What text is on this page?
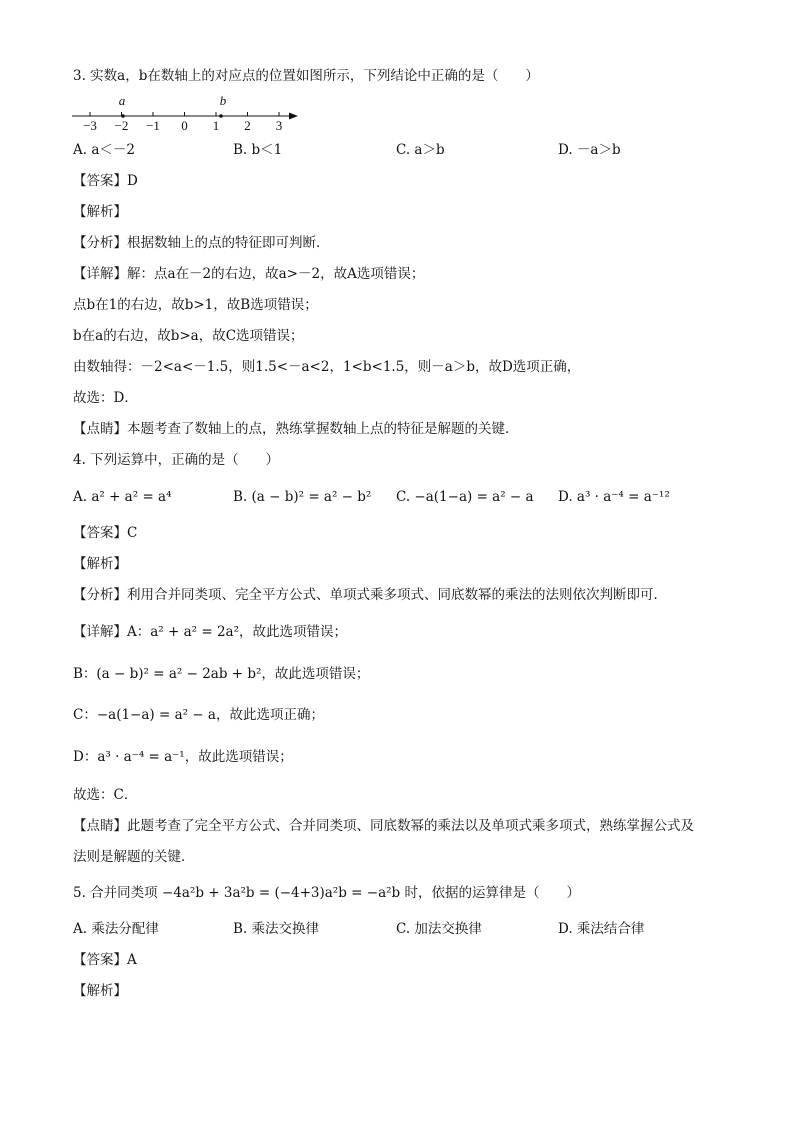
3. 实数a，b在数轴上的对应点的位置如图所示，下列结论中正确的是（　　）
−3 −2 −1 0 1 2 3
a	b
A. a＜－2	B. b＜1	C. a＞b	D. －a＞b
【答案】D
【解析】
【分析】根据数轴上的点的特征即可判断．
【详解】解：点a在－2的右边，故a>－2，故A选项错误；
点b在1的右边，故b>1，故B选项错误；
b在a的右边，故b>a，故C选项错误；
由数轴得：－2<a<－1.5，则1.5<－a<2，1<b<1.5，则－a＞b，故D选项正确，
故选：D．
【点睛】本题考查了数轴上的点，熟练掌握数轴上点的特征是解题的关键．
4. 下列运算中，正确的是（　　）
A. a² + a² = a⁴	B. (a − b)² = a² − b² C. −a(1−a) = a² − a D. a³ · a⁻⁴ = a⁻¹²
【答案】C
【解析】
【分析】利用合并同类项、完全平方公式、单项式乘多项式、同底数幂的乘法的法则依次判断即可．
【详解】A：a² + a² = 2a²，故此选项错误；
B：(a − b)² = a² − 2ab + b²，故此选项错误；
C：−a(1−a) = a² − a，故此选项正确；
D：a³ · a⁻⁴ = a⁻¹，故此选项错误；
故选：C．
【点睛】此题考查了完全平方公式、合并同类项、同底数幂的乘法以及单项式乘多项式，熟练掌握公式及
法则是解题的关键．
5. 合并同类项 −4a²b + 3a²b = (−4+3)a²b = −a²b 时，依据的运算律是（　　）
A. 乘法分配律	B. 乘法交换律	C. 加法交换律	D. 乘法结合律
【答案】A
【解析】
